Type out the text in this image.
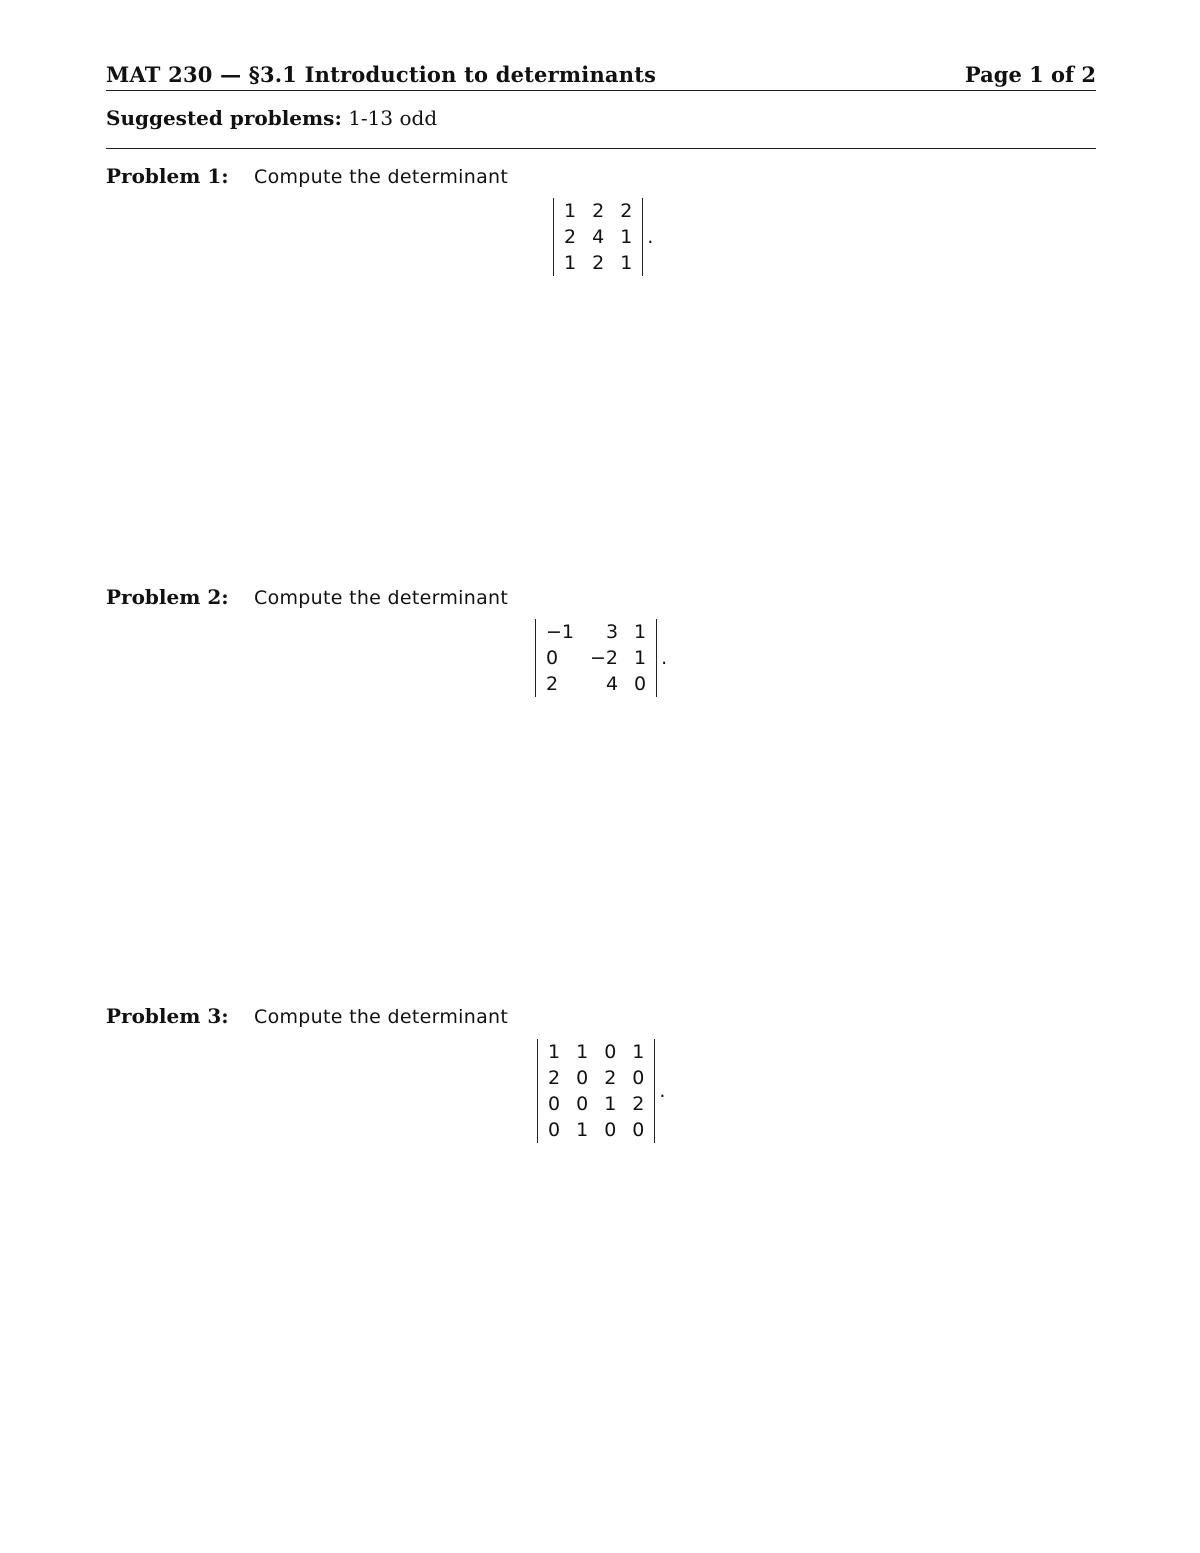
MAT 230 — §3.1 Introduction to determinants	Page 1 of 2
Suggested problems: 1-13 odd
Problem 1: Compute the determinant
1	2	2
2	4	1
1	2	1
.
Problem 2: Compute the determinant
−1	3	1
0	−2	1
2	4	0
.
Problem 3: Compute the determinant
1	1	0	1
2	0	2	0
0	0	1	2
0	1	0	0
.
